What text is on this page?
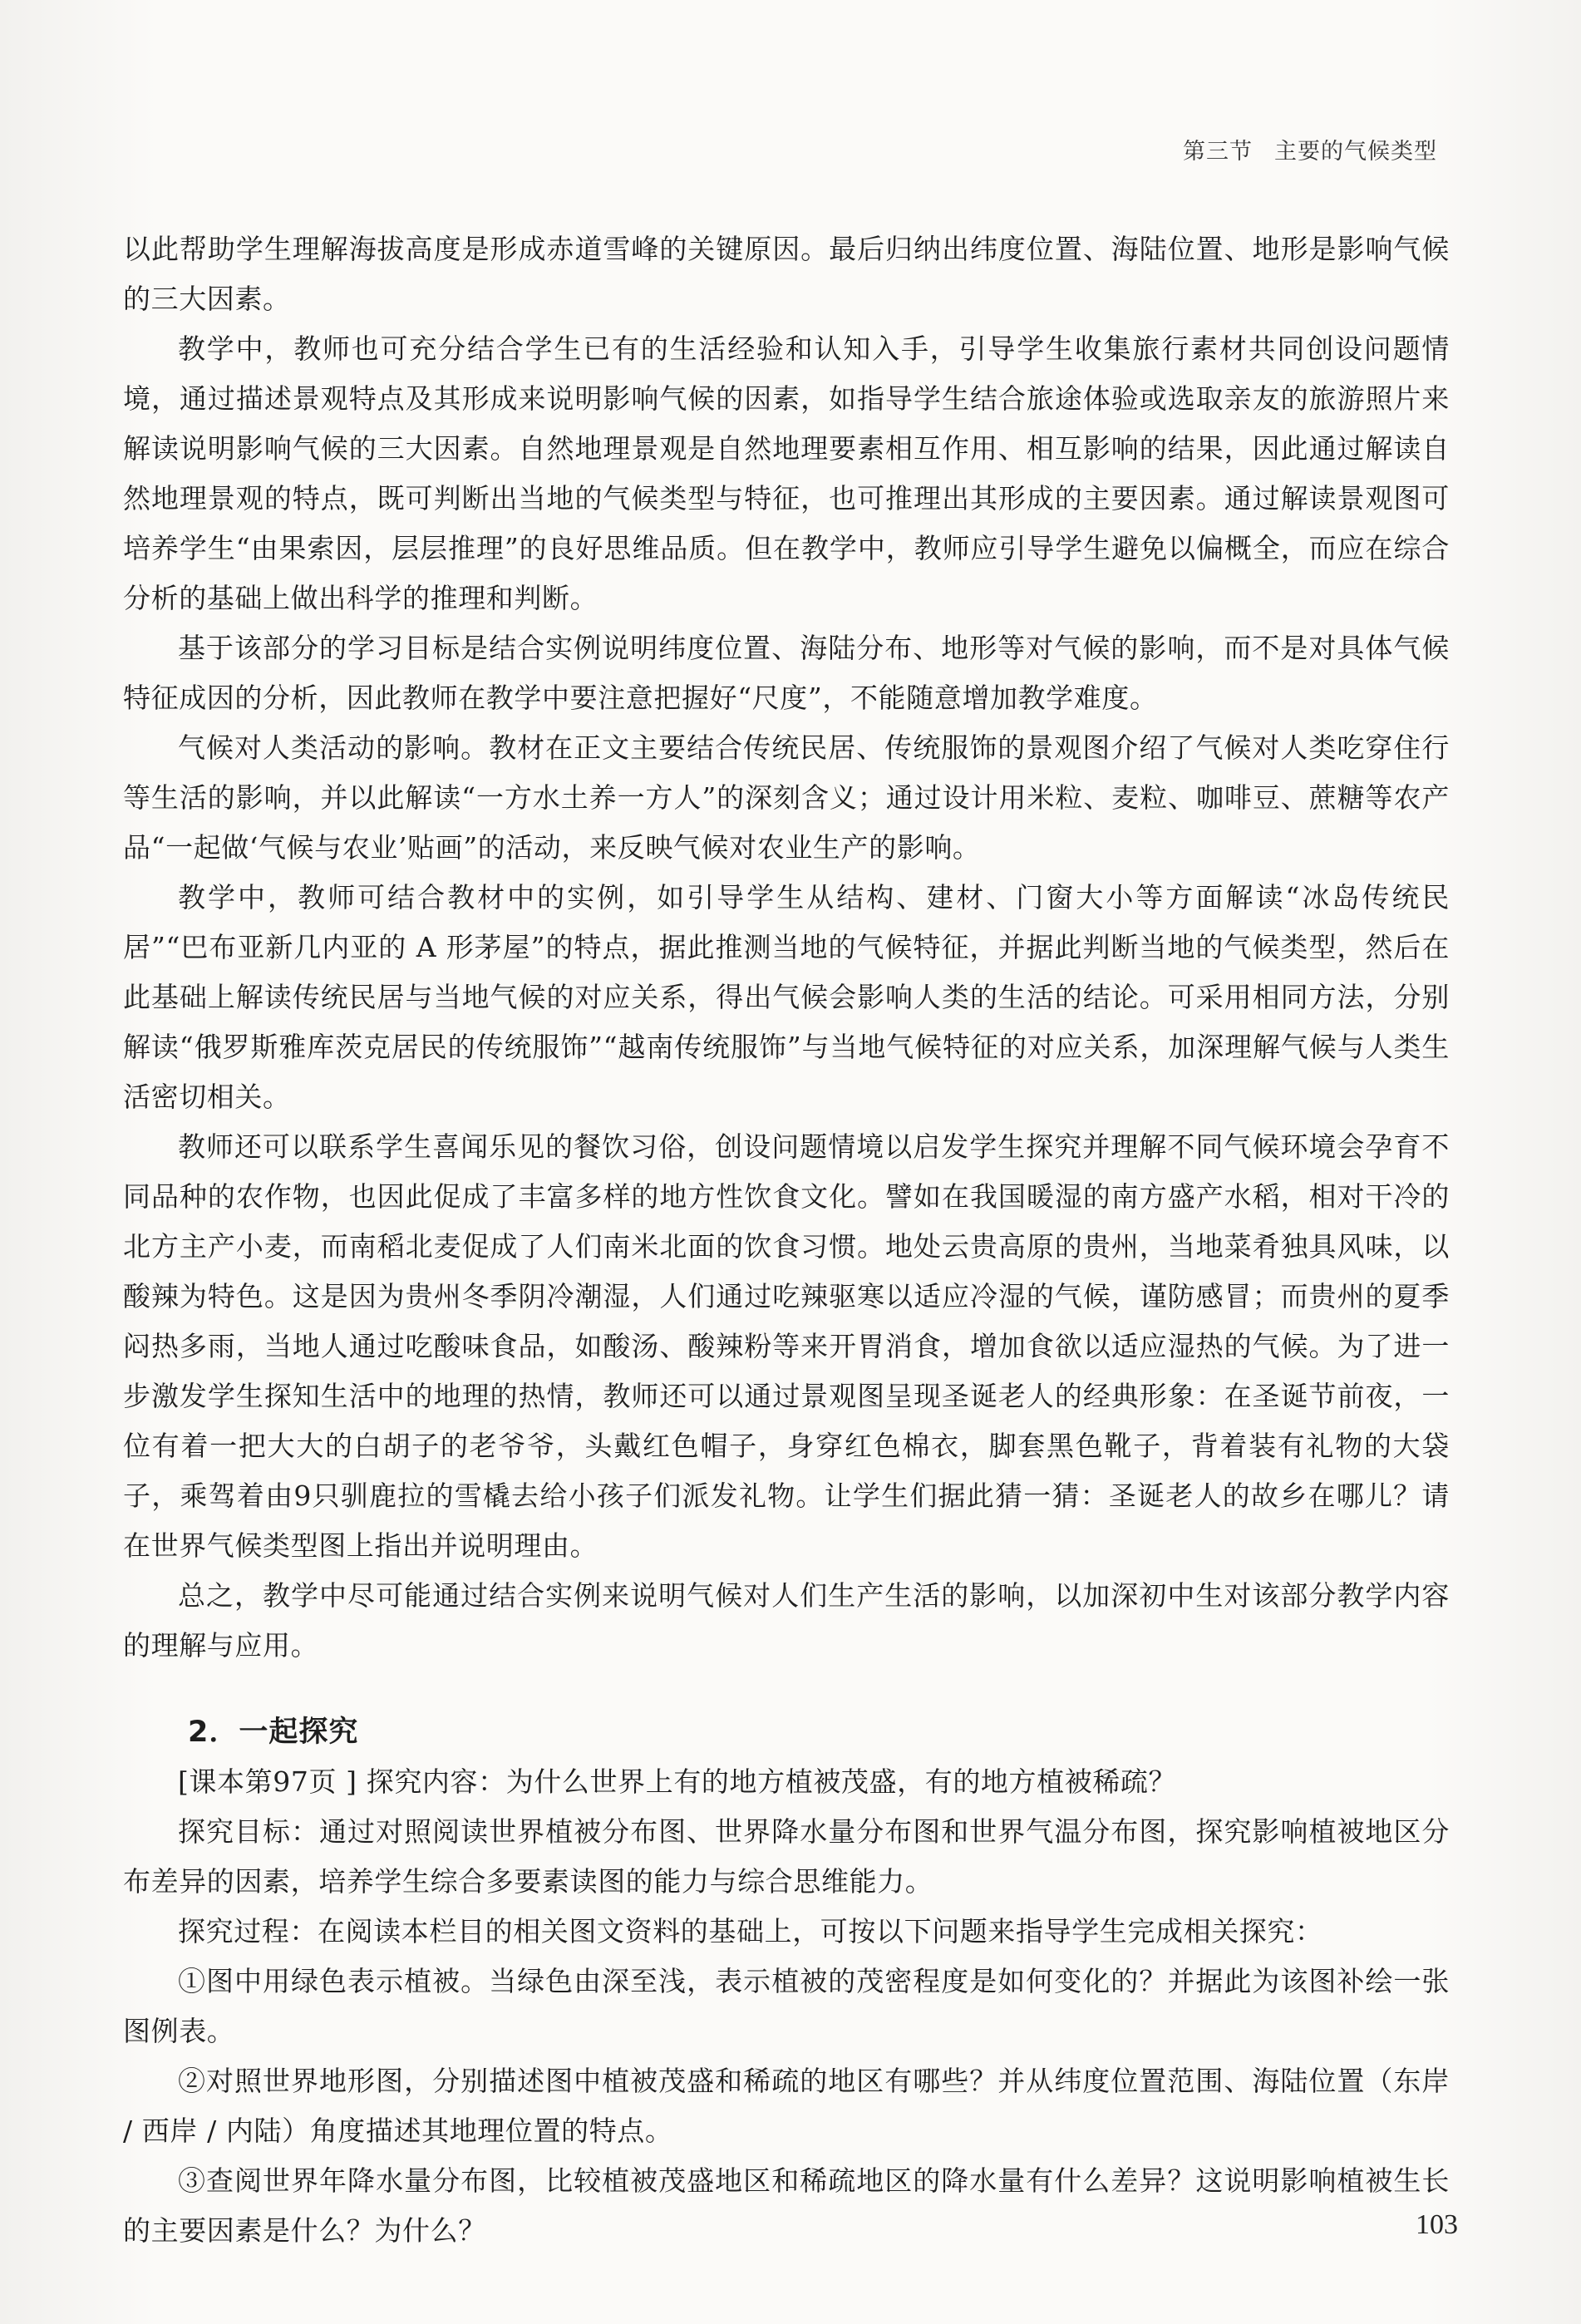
第三节 主要的气候类型

以此帮助学生理解海拔高度是形成赤道雪峰的关键原因。最后归纳出纬度位置、海陆位置、地形是影响气候的三大因素。

教学中，教师也可充分结合学生已有的生活经验和认知入手，引导学生收集旅行素材共同创设问题情境，通过描述景观特点及其形成来说明影响气候的因素，如指导学生结合旅途体验或选取亲友的旅游照片来解读说明影响气候的三大因素。自然地理景观是自然地理要素相互作用、相互影响的结果，因此通过解读自然地理景观的特点，既可判断出当地的气候类型与特征，也可推理出其形成的主要因素。通过解读景观图可培养学生“由果索因，层层推理”的良好思维品质。但在教学中，教师应引导学生避免以偏概全，而应在综合分析的基础上做出科学的推理和判断。

基于该部分的学习目标是结合实例说明纬度位置、海陆分布、地形等对气候的影响，而不是对具体气候特征成因的分析，因此教师在教学中要注意把握好“尺度”，不能随意增加教学难度。

气候对人类活动的影响。教材在正文主要结合传统民居、传统服饰的景观图介绍了气候对人类吃穿住行等生活的影响，并以此解读“一方水土养一方人”的深刻含义；通过设计用米粒、麦粒、咖啡豆、蔗糖等农产品“一起做‘气候与农业’贴画”的活动，来反映气候对农业生产的影响。

教学中，教师可结合教材中的实例，如引导学生从结构、建材、门窗大小等方面解读“冰岛传统民居”“巴布亚新几内亚的 A 形茅屋”的特点，据此推测当地的气候特征，并据此判断当地的气候类型，然后在此基础上解读传统民居与当地气候的对应关系，得出气候会影响人类的生活的结论。可采用相同方法，分别解读“俄罗斯雅库茨克居民的传统服饰”“越南传统服饰”与当地气候特征的对应关系，加深理解气候与人类生活密切相关。

教师还可以联系学生喜闻乐见的餐饮习俗，创设问题情境以启发学生探究并理解不同气候环境会孕育不同品种的农作物，也因此促成了丰富多样的地方性饮食文化。譬如在我国暖湿的南方盛产水稻，相对干冷的北方主产小麦，而南稻北麦促成了人们南米北面的饮食习惯。地处云贵高原的贵州，当地菜肴独具风味，以酸辣为特色。这是因为贵州冬季阴冷潮湿，人们通过吃辣驱寒以适应冷湿的气候，谨防感冒；而贵州的夏季闷热多雨，当地人通过吃酸味食品，如酸汤、酸辣粉等来开胃消食，增加食欲以适应湿热的气候。为了进一步激发学生探知生活中的地理的热情，教师还可以通过景观图呈现圣诞老人的经典形象：在圣诞节前夜，一位有着一把大大的白胡子的老爷爷，头戴红色帽子，身穿红色棉衣，脚套黑色靴子，背着装有礼物的大袋子，乘驾着由9只驯鹿拉的雪橇去给小孩子们派发礼物。让学生们据此猜一猜：圣诞老人的故乡在哪儿？请在世界气候类型图上指出并说明理由。

总之，教学中尽可能通过结合实例来说明气候对人们生产生活的影响，以加深初中生对该部分教学内容的理解与应用。

2．一起探究

[课本第97页 ] 探究内容：为什么世界上有的地方植被茂盛，有的地方植被稀疏？

探究目标：通过对照阅读世界植被分布图、世界降水量分布图和世界气温分布图，探究影响植被地区分布差异的因素，培养学生综合多要素读图的能力与综合思维能力。

探究过程：在阅读本栏目的相关图文资料的基础上，可按以下问题来指导学生完成相关探究：

①图中用绿色表示植被。当绿色由深至浅，表示植被的茂密程度是如何变化的？并据此为该图补绘一张图例表。

②对照世界地形图，分别描述图中植被茂盛和稀疏的地区有哪些？并从纬度位置范围、海陆位置（东岸 / 西岸 / 内陆）角度描述其地理位置的特点。

③查阅世界年降水量分布图，比较植被茂盛地区和稀疏地区的降水量有什么差异？这说明影响植被生长的主要因素是什么？为什么？	103
